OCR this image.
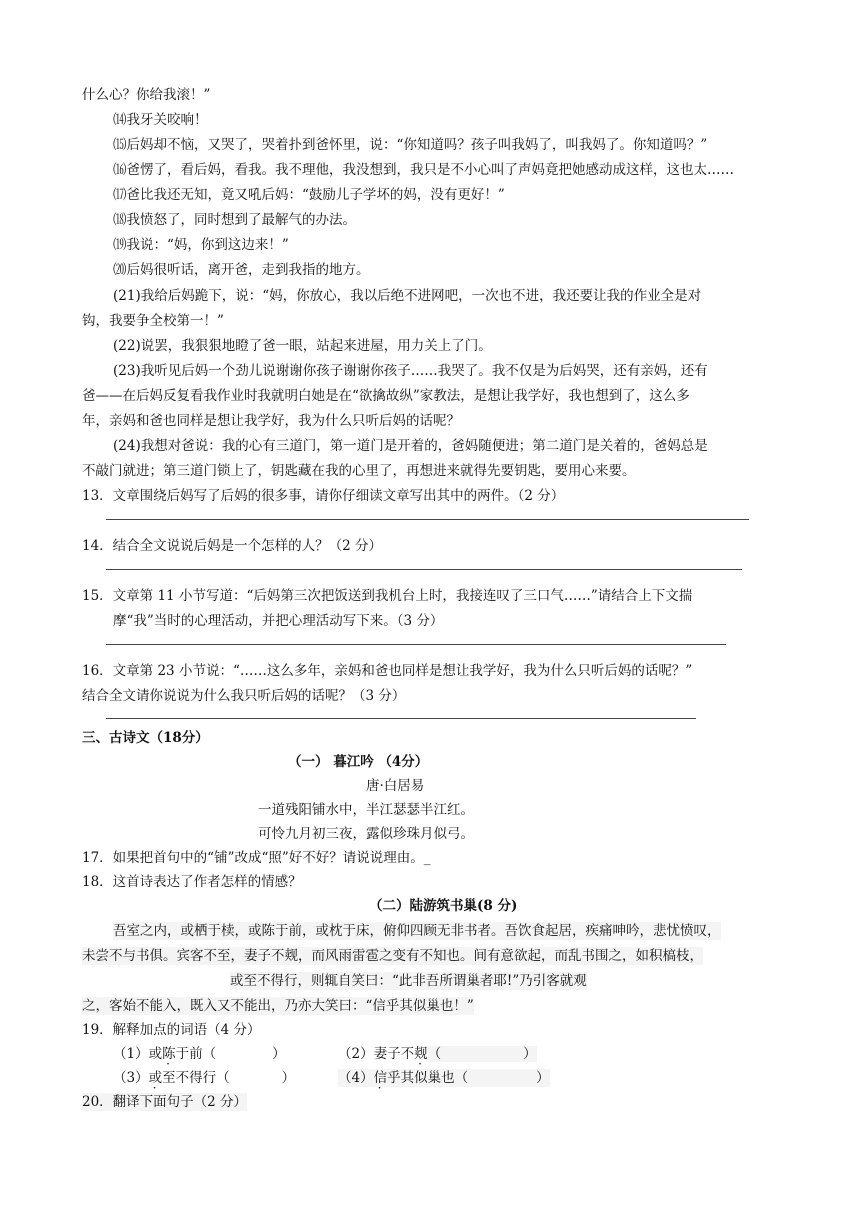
什么心？你给我滚！”
⒁我牙关咬响！
⒂后妈却不恼，又哭了，哭着扑到爸怀里，说：“你知道吗？孩子叫我妈了，叫我妈了。你知道吗？”
⒃爸愣了，看后妈，看我。我不理他，我没想到，我只是不小心叫了声妈竟把她感动成这样，这也太……
⒄爸比我还无知，竟又吼后妈：“鼓励儿子学坏的妈，没有更好！”
⒅我愤怒了，同时想到了最解气的办法。
⒆我说：“妈，你到这边来！”
⒇后妈很听话，离开爸，走到我指的地方。
(21)我给后妈跪下，说：“妈，你放心，我以后绝不进网吧，一次也不进，我还要让我的作业全是对
钩，我要争全校第一！”
(22)说罢，我狠狠地瞪了爸一眼，站起来进屋，用力关上了门。
(23)我听见后妈一个劲儿说谢谢你孩子谢谢你孩子……我哭了。我不仅是为后妈哭，还有亲妈，还有
爸——在后妈反复看我作业时我就明白她是在“欲擒故纵”家教法，是想让我学好，我也想到了，这么多
年，亲妈和爸也同样是想让我学好，我为什么只听后妈的话呢？
(24)我想对爸说：我的心有三道门，第一道门是开着的，爸妈随便进；第二道门是关着的，爸妈总是
不敲门就进；第三道门锁上了，钥匙藏在我的心里了，再想进来就得先要钥匙，要用心来要。
13．文章围绕后妈写了后妈的很多事，请你仔细读文章写出其中的两件。（2 分）
14．结合全文说说后妈是一个怎样的人？（2 分）
15．文章第 11 小节写道：“后妈第三次把饭送到我机台上时，我接连叹了三口气……”请结合上下文揣
摩“我”当时的心理活动，并把心理活动写下来。（3 分）
16．文章第 23 小节说：“……这么多年，亲妈和爸也同样是想让我学好，我为什么只听后妈的话呢？”
结合全文请你说说为什么我只听后妈的话呢？（3 分）
三、古诗文（18分）
（一） 暮江吟 （4分）
唐·白居易
一道残阳铺水中，半江瑟瑟半江红。
可怜九月初三夜，露似珍珠月似弓。
17．如果把首句中的“铺”改成“照”好不好？请说说理由。_
18．这首诗表达了作者怎样的情感？
（二）陆游筑书巢(8 分)
吾室之内，或栖于椟，或陈于前，或枕于床，俯仰四顾无非书者。吾饮食起居，疾痛呻吟，悲忧愤叹，
未尝不与书俱。宾客不至，妻子不觌，而风雨雷雹之变有不知也。间有意欲起，而乱书围之，如积槁枝，
或至不得行，则辄自笑曰：“此非吾所谓巢者耶!”乃引客就观
之，客始不能入，既入又不能出，乃亦大笑曰：“信乎其似巢也！”
19．解释加点的词语（4 分）
（1）或陈于前（	）	（2）妻子不觌（	）
（3）或至不得行（	）	（4）信乎其似巢也（	）
20．翻译下面句子（2 分）
